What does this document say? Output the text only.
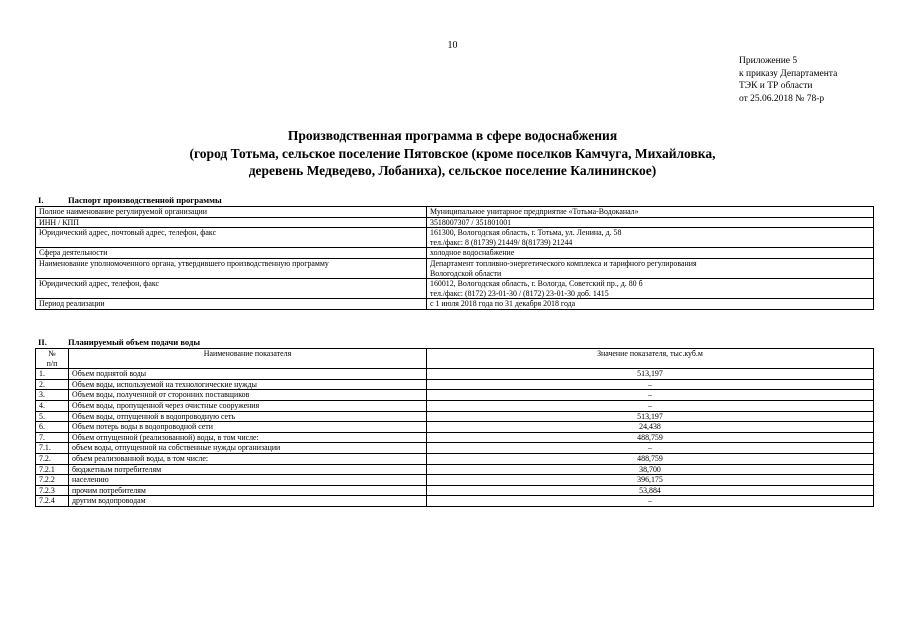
10
Приложение 5
к приказу Департамента
ТЭК и ТР области
от 25.06.2018 № 78-р
Производственная программа в сфере водоснабжения
(город Тотьма, сельское поселение Пятовское (кроме поселков Камчуга, Михайловка,
деревень Медведево, Лобаниха), сельское поселение Калининское)
I.	Паспорт производственной программы
Полное наименование регулируемой организации	Муниципальное унитарное предприятие «Тотьма-Водоканал»

ИНН / КПП	3518007307 / 351801001

Юридический адрес, почтовый адрес, телефон, факс	161300, Вологодская область, г. Тотьма, ул. Ленина, д. 58
тел./факс: 8 (81739) 21449/ 8(81739) 21244

Сфера деятельности	холодное водоснабжение

Наименование уполномоченного органа, утвердившего производственную программу	Департамент топливно-энергетического комплекса и тарифного регулирования
Вологодской области

Юридический адрес, телефон, факс	160012, Вологодская область, г. Вологда, Советский пр., д. 80 б
тел./факс: (8172) 23-01-30 / (8172) 23-01-30 доб. 1415

Период реализации	с 1 июля 2018 года по 31 декабря 2018 года
II. Планируемый объем подачи воды
№
п/п	Наименование показателя	Значение показателя, тыс.куб.м
1.	Объем поднятой воды	513,197
2.	Объем воды, используемой на технологические нужды	–
3.	Объем воды, полученной от сторонних поставщиков	–
4.	Объем воды, пропущенной через очистные сооружения	–
5.	Объем воды, отпущенной в водопроводную сеть	513,197
6.	Объем потерь воды в водопроводной сети	24,438
7.	Объем отпущенной (реализованной) воды, в том числе:	488,759
7.1.	объем воды, отпущенной на собственные нужды организации	–
7.2.	объем реализованной воды, в том числе:	488,759
7.2.1	бюджетным потребителям	38,700
7.2.2	населению	396,175
7.2.3	прочим потребителям	53,884
7.2.4	другим водопроводам	–
